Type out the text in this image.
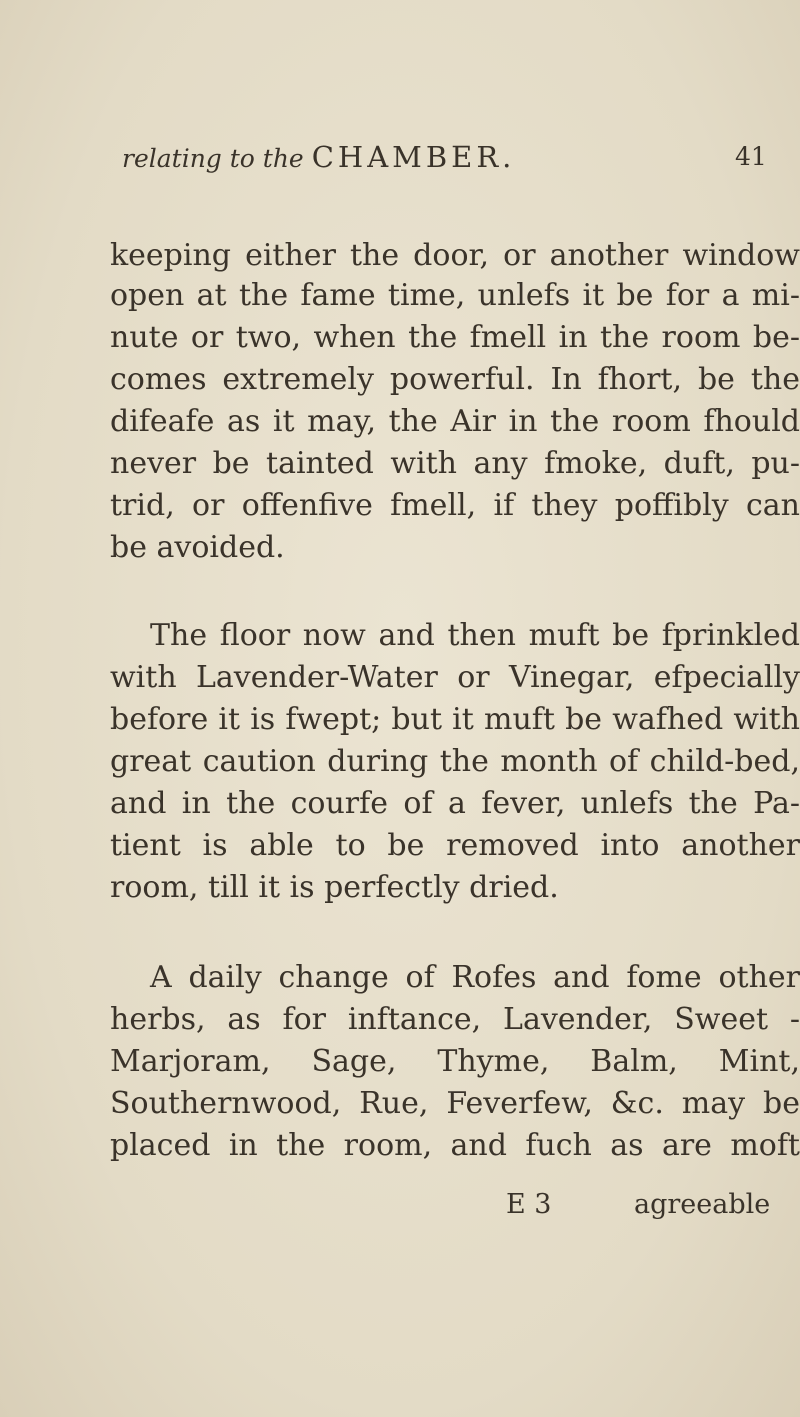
relating to the CHAMBER.	41
keeping either the door, or another window
open at the fame time, unlefs it be for a mi-
nute or two, when the fmell in the room be-
comes extremely powerful. In fhort, be the
difeafe as it may, the Air in the room fhould
never be tainted with any fmoke, duft, pu-
trid, or offenfive fmell, if they poffibly can
be avoided.
The floor now and then muft be fprinkled
with Lavender-Water or Vinegar, efpecially
before it is fwept; but it muft be wafhed with
great caution during the month of child-bed,
and in the courfe of a fever, unlefs the Pa-
tient is able to be removed into another
room, till it is perfectly dried.
A daily change of Rofes and fome other
herbs, as for inftance, Lavender, Sweet -
Marjoram, Sage, Thyme, Balm, Mint,
Southernwood, Rue, Feverfew, &c. may be
placed in the room, and fuch as are moft
E 3	agreeable
